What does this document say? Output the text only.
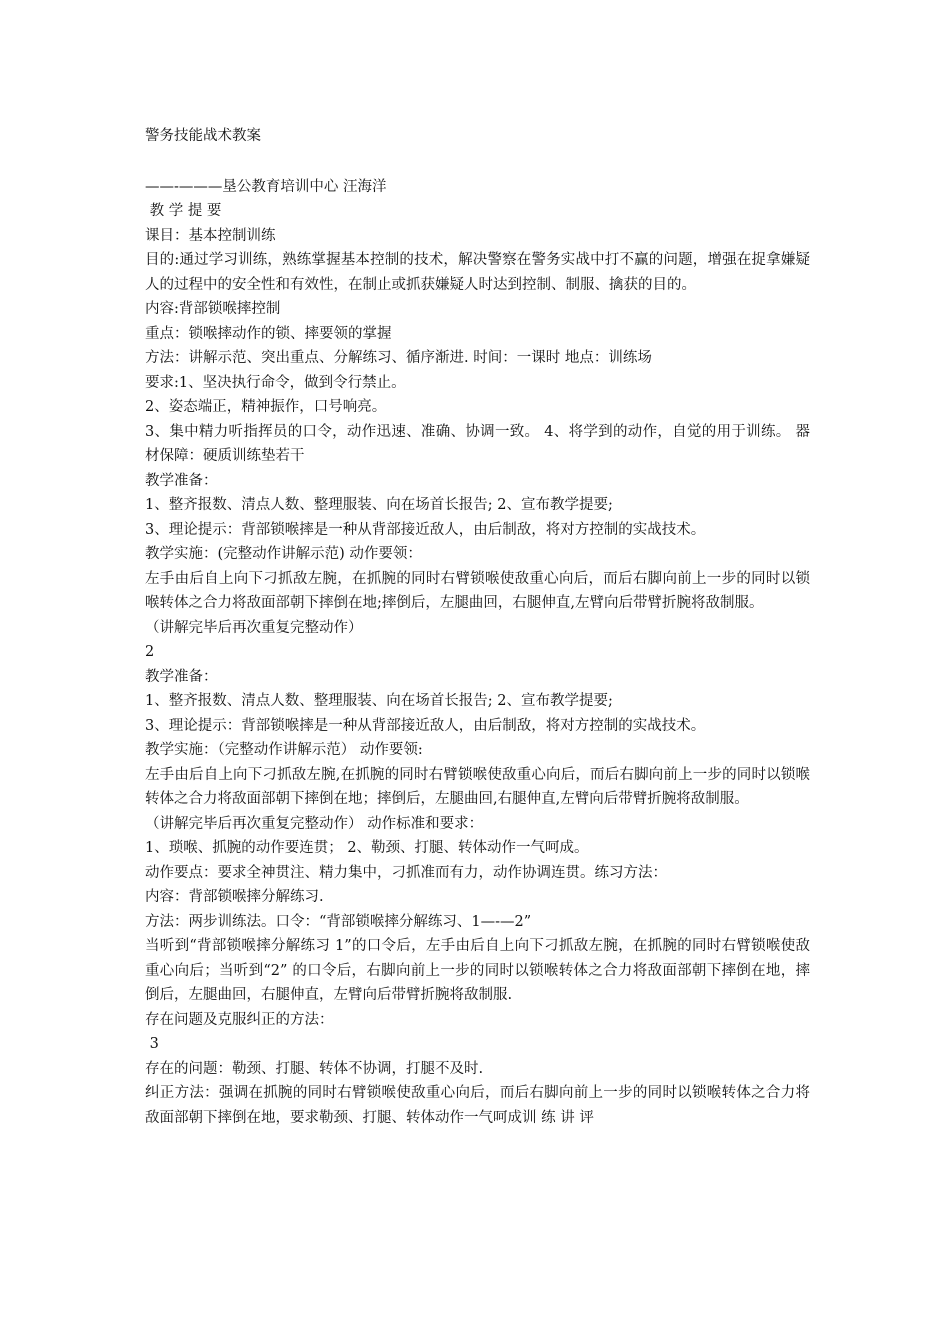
警务技能战术教案
——-———垦公教育培训中心 汪海洋
教 学 提 要
课目：基本控制训练
目的:通过学习训练，熟练掌握基本控制的技术，解决警察在警务实战中打不赢的问题，增强在捉拿嫌疑人的过程中的安全性和有效性，在制止或抓获嫌疑人时达到控制、制服、擒获的目的。
内容:背部锁喉摔控制
重点：锁喉摔动作的锁、摔要领的掌握
方法：讲解示范、突出重点、分解练习、循序渐进. 时间：一课时 地点：训练场
要求:1、坚决执行命令，做到令行禁止。
2、姿态端正，精神振作，口号响亮。
3、集中精力听指挥员的口令，动作迅速、准确、协调一致。 4、将学到的动作，自觉的用于训练。 器材保障：硬质训练垫若干
教学准备：
1、整齐报数、清点人数、整理服装、向在场首长报告; 2、宣布教学提要;
3、理论提示：背部锁喉摔是一种从背部接近敌人，由后制敌，将对方控制的实战技术。
教学实施：(完整动作讲解示范) 动作要领：
左手由后自上向下刁抓敌左腕，在抓腕的同时右臂锁喉使敌重心向后，而后右脚向前上一步的同时以锁喉转体之合力将敌面部朝下摔倒在地;摔倒后，左腿曲回，右腿伸直,左臂向后带臂折腕将敌制服。
（讲解完毕后再次重复完整动作）
2
教学准备：
1、整齐报数、清点人数、整理服装、向在场首长报告; 2、宣布教学提要;
3、理论提示：背部锁喉摔是一种从背部接近敌人，由后制敌，将对方控制的实战技术。
教学实施：（完整动作讲解示范） 动作要领:
左手由后自上向下刁抓敌左腕,在抓腕的同时右臂锁喉使敌重心向后，而后右脚向前上一步的同时以锁喉转体之合力将敌面部朝下摔倒在地；摔倒后，左腿曲回,右腿伸直,左臂向后带臂折腕将敌制服。
（讲解完毕后再次重复完整动作） 动作标准和要求：
1、琐喉、抓腕的动作要连贯； 2、勒颈、打腿、转体动作一气呵成。
动作要点：要求全神贯注、精力集中，刁抓准而有力，动作协调连贯。练习方法：
内容：背部锁喉摔分解练习.
方法：两步训练法。口令：“背部锁喉摔分解练习、1—-—2”
当听到“背部锁喉摔分解练习 1”的口令后，左手由后自上向下刁抓敌左腕，在抓腕的同时右臂锁喉使敌重心向后；当听到“2” 的口令后，右脚向前上一步的同时以锁喉转体之合力将敌面部朝下摔倒在地，摔倒后，左腿曲回，右腿伸直，左臂向后带臂折腕将敌制服.
存在问题及克服纠正的方法：
3
存在的问题：勒颈、打腿、转体不协调，打腿不及时.
纠正方法：强调在抓腕的同时右臂锁喉使敌重心向后，而后右脚向前上一步的同时以锁喉转体之合力将敌面部朝下摔倒在地，要求勒颈、打腿、转体动作一气呵成训 练 讲 评
